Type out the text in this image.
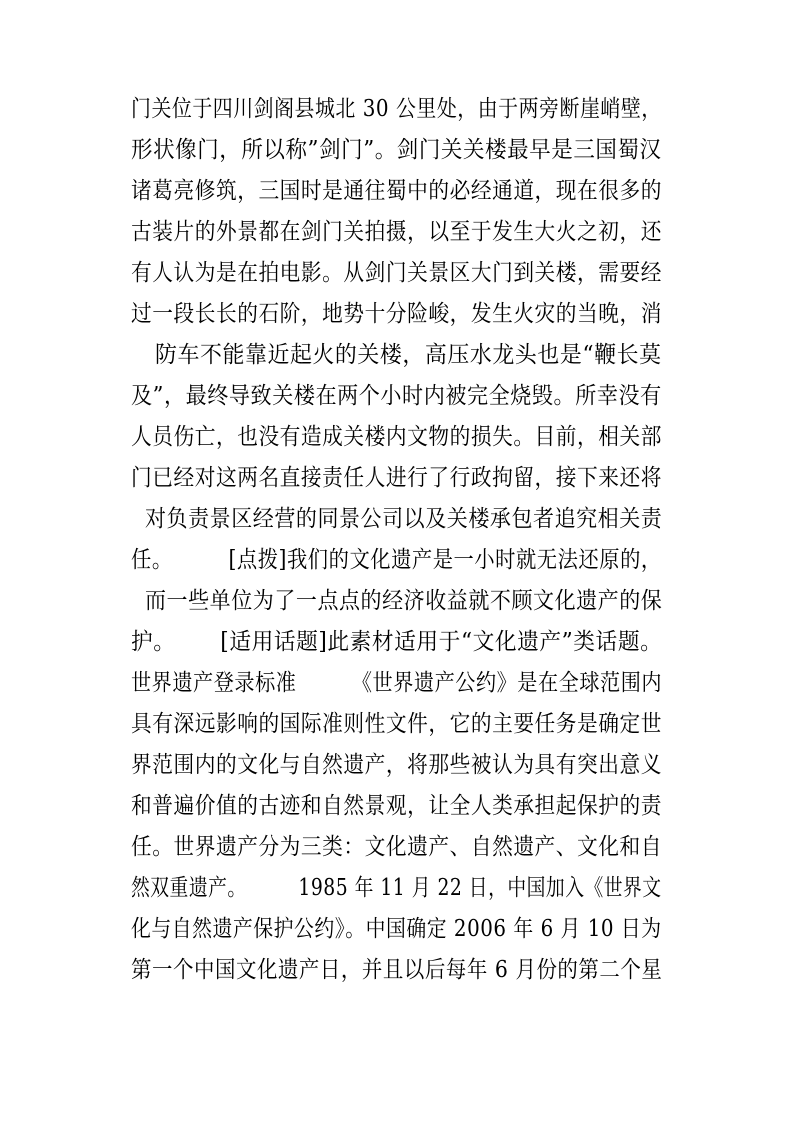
门关位于四川剑阁县城北 30 公里处，由于两旁断崖峭壁，
形状像门，所以称”剑门”。剑门关关楼最早是三国蜀汉
诸葛亮修筑，三国时是通往蜀中的必经通道，现在很多的
古装片的外景都在剑门关拍摄，以至于发生大火之初，还
有人认为是在拍电影。从剑门关景区大门到关楼，需要经
过一段长长的石阶，地势十分险峻，发生火灾的当晚，消
防车不能靠近起火的关楼，高压水龙头也是“鞭长莫
及”，最终导致关楼在两个小时内被完全烧毁。所幸没有
人员伤亡，也没有造成关楼内文物的损失。目前，相关部
门已经对这两名直接责任人进行了行政拘留，接下来还将
对负责景区经营的同景公司以及关楼承包者追究相关责
任。        [点拨]我们的文化遗产是一小时就无法还原的，
而一些单位为了一点点的经济收益就不顾文化遗产的保
护。      [适用话题]此素材适用于“文化遗产”类话题。
世界遗产登录标准        《世界遗产公约》是在全球范围内
具有深远影响的国际准则性文件，它的主要任务是确定世
界范围内的文化与自然遗产，将那些被认为具有突出意义
和普遍价值的古迹和自然景观，让全人类承担起保护的责
任。世界遗产分为三类：文化遗产、自然遗产、文化和自
然双重遗产。        1985 年 11 月 22 日，中国加入《世界文
化与自然遗产保护公约》。中国确定 2006 年 6 月 10 日为
第一个中国文化遗产日，并且以后每年 6 月份的第二个星
